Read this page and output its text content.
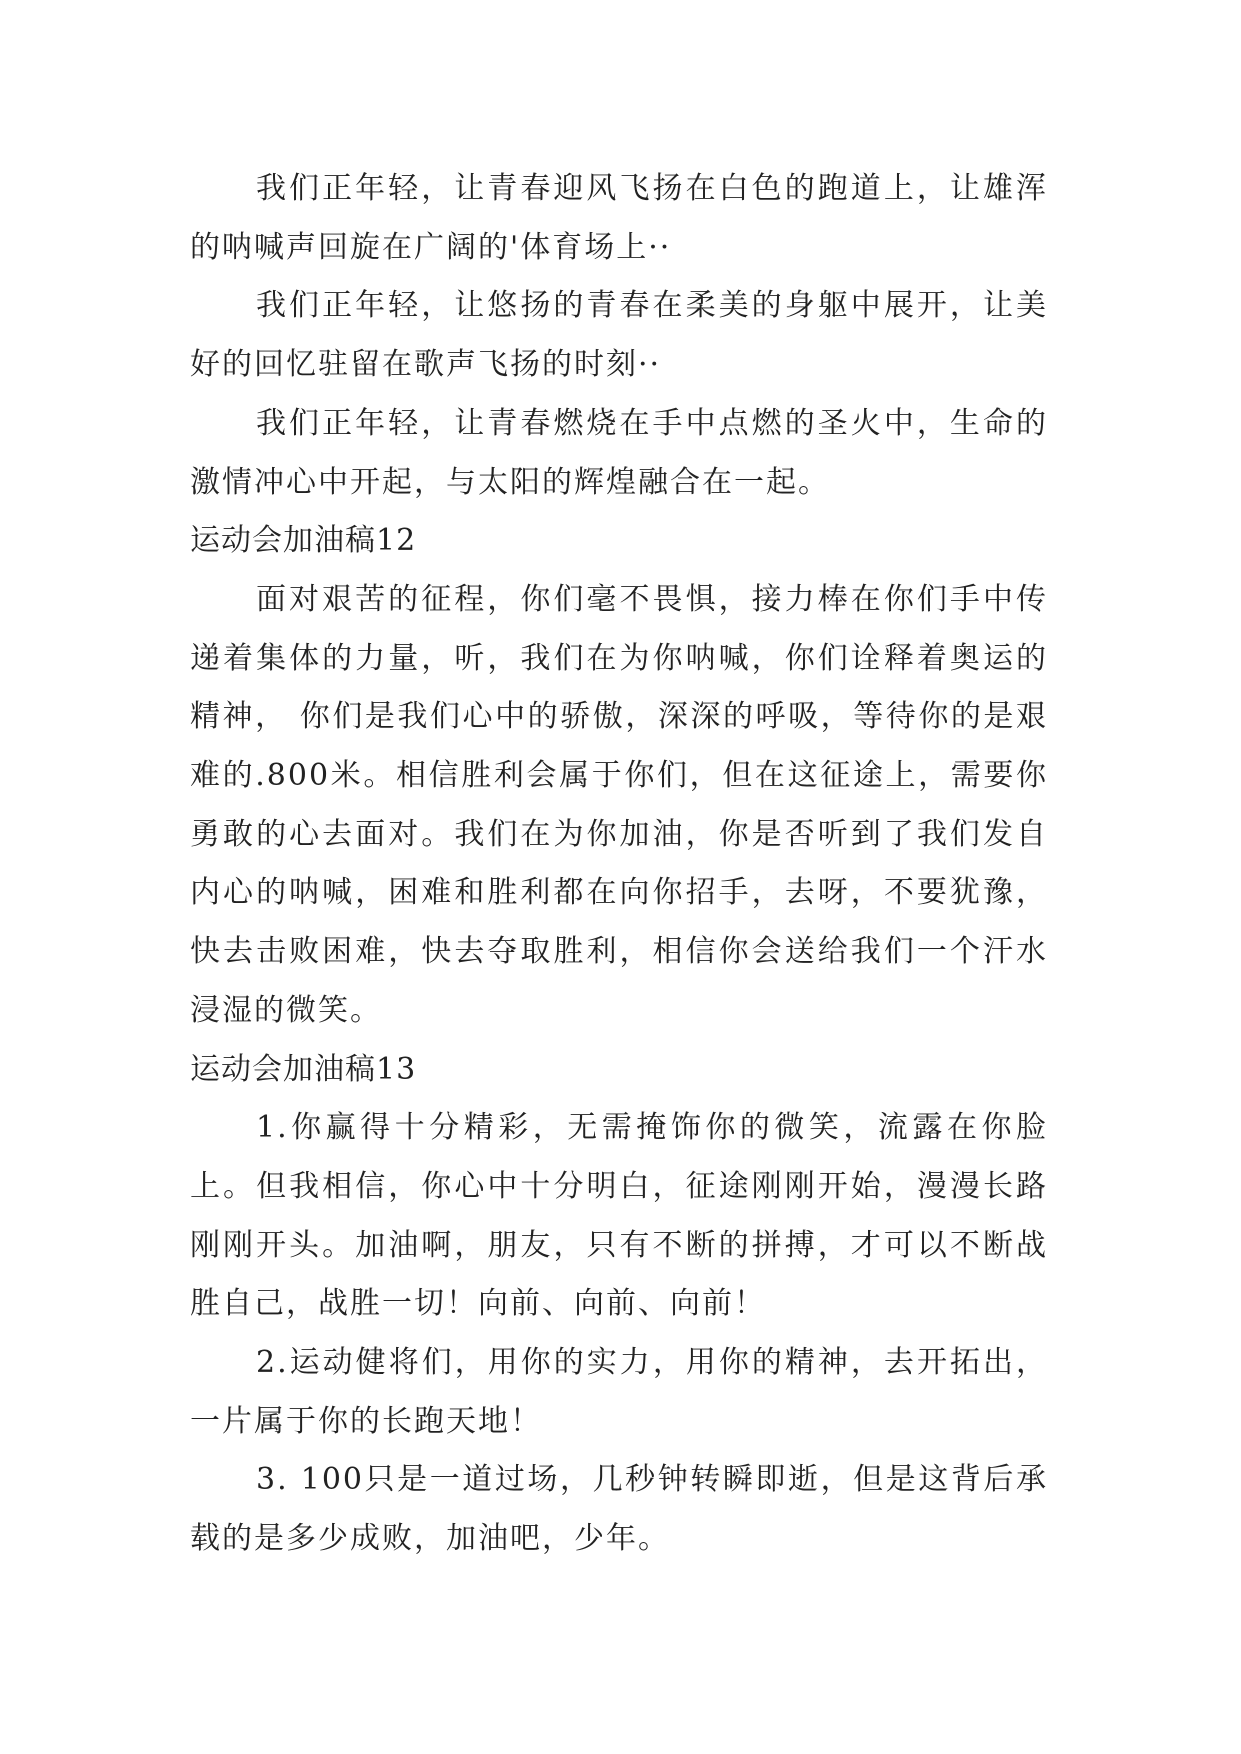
我们正年轻，让青春迎风飞扬在白色的跑道上，让雄浑的呐喊声回旋在广阔的'体育场上··

我们正年轻，让悠扬的青春在柔美的身躯中展开，让美好的回忆驻留在歌声飞扬的时刻··

我们正年轻，让青春燃烧在手中点燃的圣火中，生命的激情冲心中开起，与太阳的辉煌融合在一起。

运动会加油稿12

面对艰苦的征程，你们毫不畏惧，接力棒在你们手中传递着集体的力量，听，我们在为你呐喊，你们诠释着奥运的精神， 你们是我们心中的骄傲，深深的呼吸，等待你的是艰难的.800米。相信胜利会属于你们，但在这征途上，需要你勇敢的心去面对。我们在为你加油，你是否听到了我们发自内心的呐喊，困难和胜利都在向你招手，去呀，不要犹豫，快去击败困难，快去夺取胜利，相信你会送给我们一个汗水浸湿的微笑。

运动会加油稿13

1.你赢得十分精彩，无需掩饰你的微笑，流露在你脸上。但我相信，你心中十分明白，征途刚刚开始，漫漫长路刚刚开头。加油啊，朋友，只有不断的拼搏，才可以不断战胜自己，战胜一切！向前、向前、向前！

2.运动健将们，用你的实力，用你的精神，去开拓出，一片属于你的长跑天地！

3. 100只是一道过场，几秒钟转瞬即逝，但是这背后承载的是多少成败，加油吧，少年。
